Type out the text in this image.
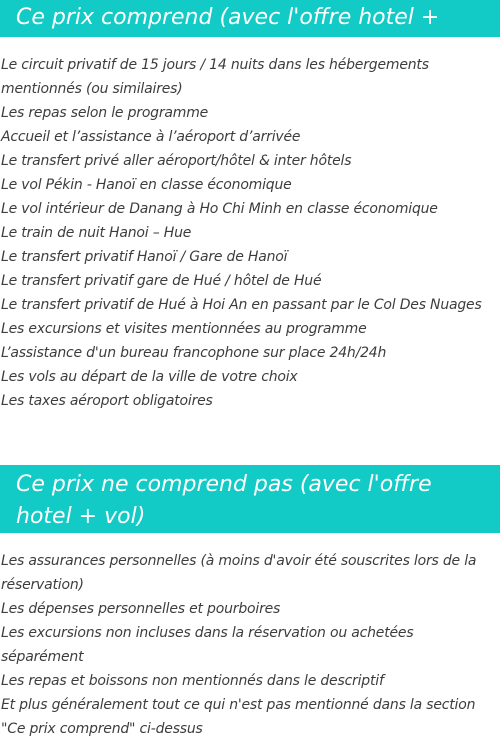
Ce prix comprend (avec l'offre hotel + vol)
Le circuit privatif de 15 jours / 14 nuits dans les hébergements mentionnés (ou similaires)
Les repas selon le programme
Accueil et l’assistance à l’aéroport d’arrivée
Le transfert privé aller aéroport/hôtel & inter hôtels
Le vol Pékin - Hanoï en classe économique
Le vol intérieur de Danang à Ho Chi Minh en classe économique
Le train de nuit Hanoi – Hue
Le transfert privatif Hanoï / Gare de Hanoï
Le transfert privatif gare de Hué / hôtel de Hué
Le transfert privatif de Hué à Hoi An en passant par le Col Des Nuages
Les excursions et visites mentionnées au programme
L’assistance d'un bureau francophone sur place 24h/24h
Les vols au départ de la ville de votre choix
Les taxes aéroport obligatoires
Ce prix ne comprend pas (avec l'offre hotel + vol)
Les assurances personnelles (à moins d'avoir été souscrites lors de la réservation)
Les dépenses personnelles et pourboires
Les excursions non incluses dans la réservation ou achetées séparément
Les repas et boissons non mentionnés dans le descriptif
Et plus généralement tout ce qui n'est pas mentionné dans la section "Ce prix comprend" ci-dessus
